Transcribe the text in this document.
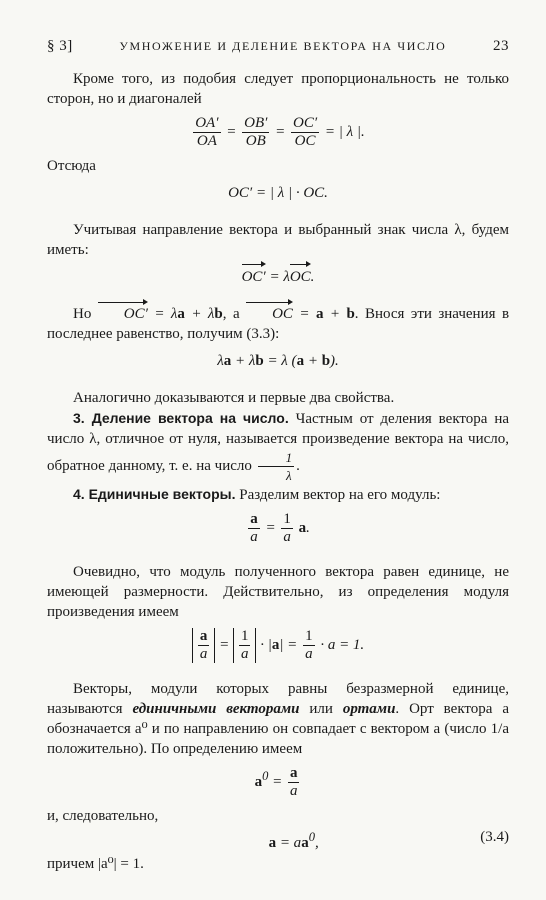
§ 3]	УМНОЖЕНИЕ И ДЕЛЕНИЕ ВЕКТОРА НА ЧИСЛО	23

Кроме того, из подобия следует пропорциональность не только сторон, но и диагоналей

$\frac{OA'}{OA} = \frac{OB'}{OB} = \frac{OC'}{OC}$ = | λ |.

Отсюда

OC′ = | λ | · OC.

Учитывая направление вектора и выбранный знак числа λ, будем иметь:

OC′ = λOC.

Но OC′ = λa + λb, а OC = a + b. Внося эти значения в последнее равенство, получим (3.3):

λa + λb = λ (a + b).

Аналогично доказываются и первые два свойства.

3. Деление вектора на число. Частным от деления вектора на число λ, отличное от нуля, называется произведение вектора на число, обратное данному, т. е. на число $\frac{1}{\lambda}$ .

4. Единичные векторы. Разделим вектор на его модуль:

$\frac{a}{a} = \frac{1}{a} a$.

Очевидно, что модуль полученного вектора равен единице, не имеющей размерности. Действительно, из определения модуля произведения имеем

$\frac{a}{a} = \frac{1}{a} \cdot |a| = \frac{1}{a} \cdot a = 1$.

Векторы, модули которых равны безразмерной единице, называются единичными векторами или ортами. Орт вектора a обозначается a⁰ и по направлению он совпадает с вектором a (число 1/a положительно). По определению имеем

$a^0 = \frac{a}{a}$

и, следовательно,

$a = aa^0$,	(3.4)

причем |a⁰| = 1.
